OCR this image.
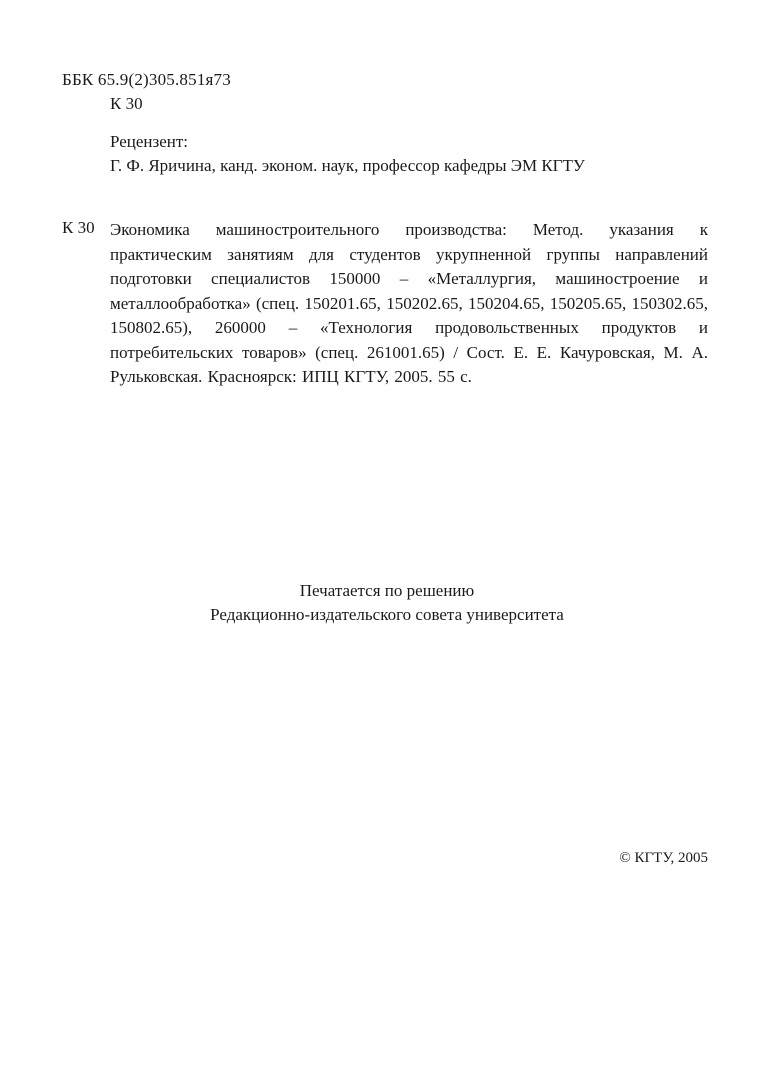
ББК 65.9(2)305.851я73
К 30
Рецензент:
Г. Ф. Яричина, канд. эконом. наук, профессор кафедры ЭМ КГТУ
К 30 Экономика машиностроительного производства: Метод. указания к практическим занятиям для студентов укрупненной группы направлений подготовки специалистов 150000 – «Металлургия, машиностроение и металлообработка» (спец. 150201.65, 150202.65, 150204.65, 150205.65, 150302.65, 150802.65), 260000 – «Технология продовольственных продуктов и потребительских товаров» (спец. 261001.65) / Сост. Е. Е. Качуровская, М. А. Рульковская. Красноярск: ИПЦ КГТУ, 2005. 55 с.
Печатается по решению
Редакционно-издательского совета университета
© КГТУ, 2005
